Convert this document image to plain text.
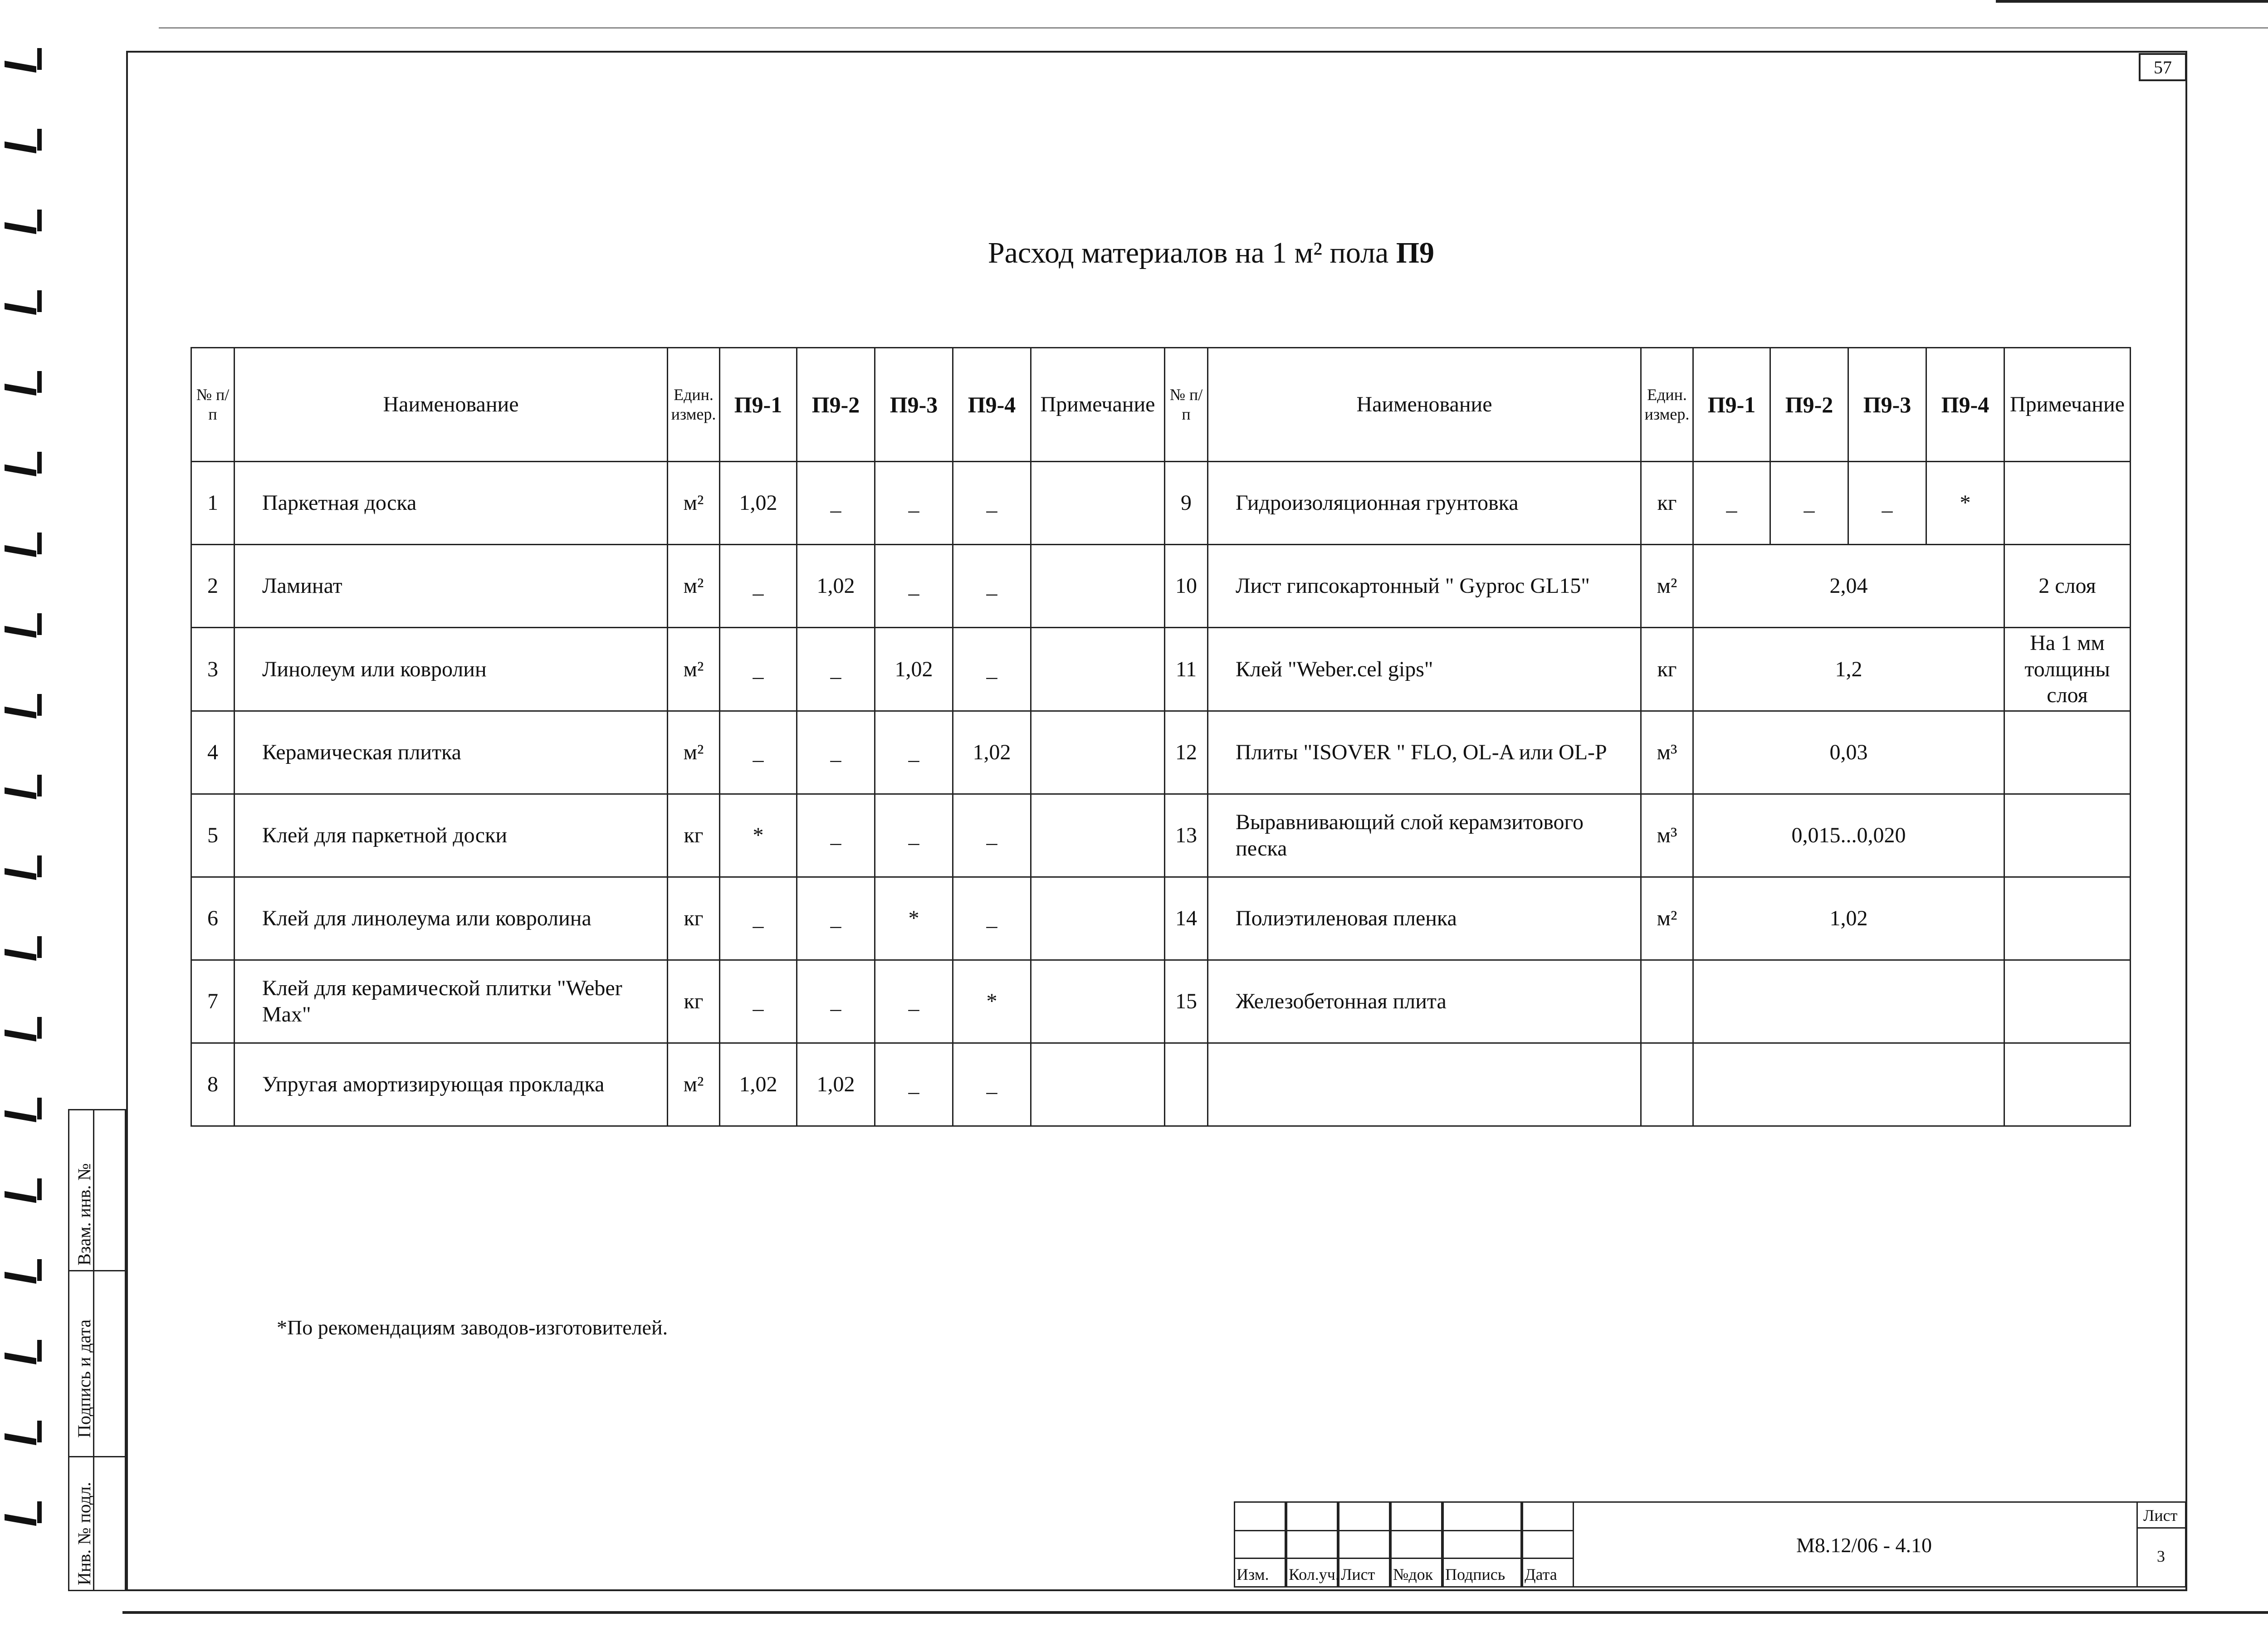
57
Расход материалов на 1 м² пола П9
№ п/п	Наименование	Един. измер.	П9-1	П9-2	П9-3	П9-4	Примечание	№ п/п	Наименование	Един. измер.	П9-1	П9-2	П9-3	П9-4	Примечание
1	Паркетная доска	м²	1,02	_	_	_		9	Гидроизоляционная грунтовка	кг	_	_	_	*	
2	Ламинат	м²	_	1,02	_	_		10	Лист гипсокартонный " Gyproc GL15"	м²	2,04				2 слоя
3	Линолеум или ковролин	м²	_	_	1,02	_		11	Клей "Weber.cel gips"	кг	1,2				На 1 мм толщины слоя
4	Керамическая плитка	м²	_	_	_	1,02		12	Плиты "ISOVER " FLO, OL-A или OL-P	м³	0,03				
5	Клей для паркетной доски	кг	*	_	_	_		13	Выравнивающий слой керамзитового песка	м³	0,015...0,020				
6	Клей для линолеума или ковролина	кг	_	_	*	_		14	Полиэтиленовая пленка	м²	1,02				
7	Клей для керамической плитки "Weber Max"	кг	_	_	_	*		15	Железобетонная плита						
8	Упругая амортизирующая прокладка	м²	1,02	1,02	_	_									
*По рекомендациям заводов-изготовителей.
Взам. инв. №
Подпись и дата
Инв. № подл.	Изм. Кол.уч. Лист №док Подпись Дата
Лист
3
М8.12/06 - 4.10
